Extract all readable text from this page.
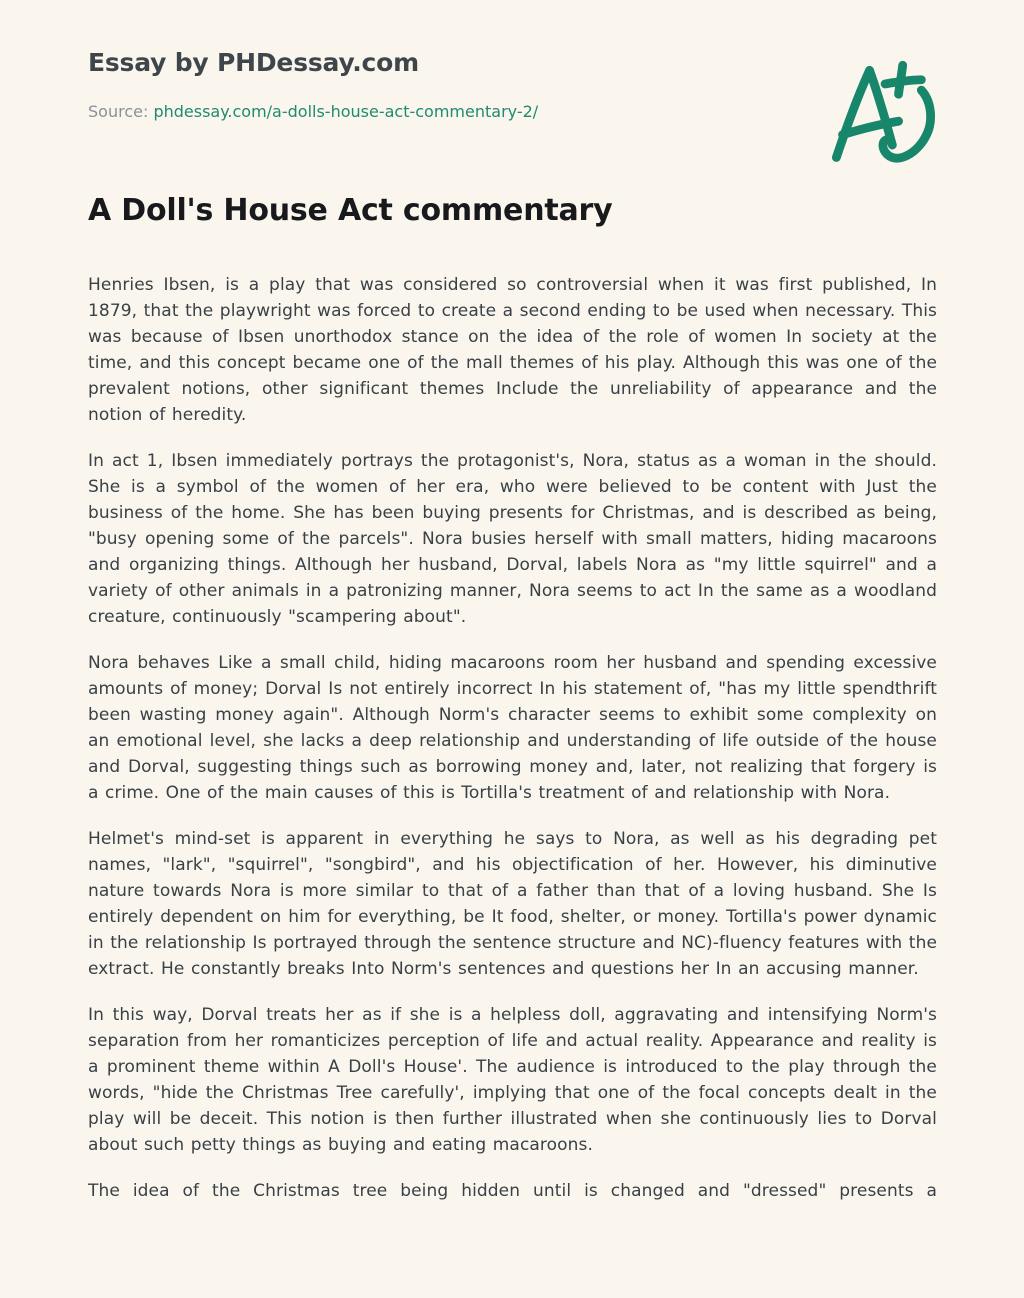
Essay by PHDessay.com
Source: phdessay.com/a-dolls-house-act-commentary-2/
A Doll's House Act commentary

Henries Ibsen, is a play that was considered so controversial when it was first published, In 1879, that the playwright was forced to create a second ending to be used when necessary. This was because of Ibsen unorthodox stance on the idea of the role of women In society at the time, and this concept became one of the mall themes of his play. Although this was one of the prevalent notions, other significant themes Include the unreliability of appearance and the notion of heredity.

In act 1, Ibsen immediately portrays the protagonist's, Nora, status as a woman in the should. She is a symbol of the women of her era, who were believed to be content with Just the business of the home. She has been buying presents for Christmas, and is described as being, "busy opening some of the parcels". Nora busies herself with small matters, hiding macaroons and organizing things. Although her husband, Dorval, labels Nora as "my little squirrel" and a variety of other animals in a patronizing manner, Nora seems to act In the same as a woodland creature, continuously "scampering about".

Nora behaves Like a small child, hiding macaroons room her husband and spending excessive amounts of money; Dorval Is not entirely incorrect In his statement of, "has my little spendthrift been wasting money again". Although Norm's character seems to exhibit some complexity on an emotional level, she lacks a deep relationship and understanding of life outside of the house and Dorval, suggesting things such as borrowing money and, later, not realizing that forgery is a crime. One of the main causes of this is Tortilla's treatment of and relationship with Nora.

Helmet's mind-set is apparent in everything he says to Nora, as well as his degrading pet names, "lark", "squirrel", "songbird", and his objectification of her. However, his diminutive nature towards Nora is more similar to that of a father than that of a loving husband. She Is entirely dependent on him for everything, be It food, shelter, or money. Tortilla's power dynamic in the relationship Is portrayed through the sentence structure and NC)-fluency features with the extract. He constantly breaks Into Norm's sentences and questions her In an accusing manner.

In this way, Dorval treats her as if she is a helpless doll, aggravating and intensifying Norm's separation from her romanticizes perception of life and actual reality. Appearance and reality is a prominent theme within A Doll's House'. The audience is introduced to the play through the words, "hide the Christmas Tree carefully', implying that one of the focal concepts dealt in the play will be deceit. This notion is then further illustrated when she continuously lies to Dorval about such petty things as buying and eating macaroons.

The idea of the Christmas tree being hidden until is changed and "dressed" presents a
